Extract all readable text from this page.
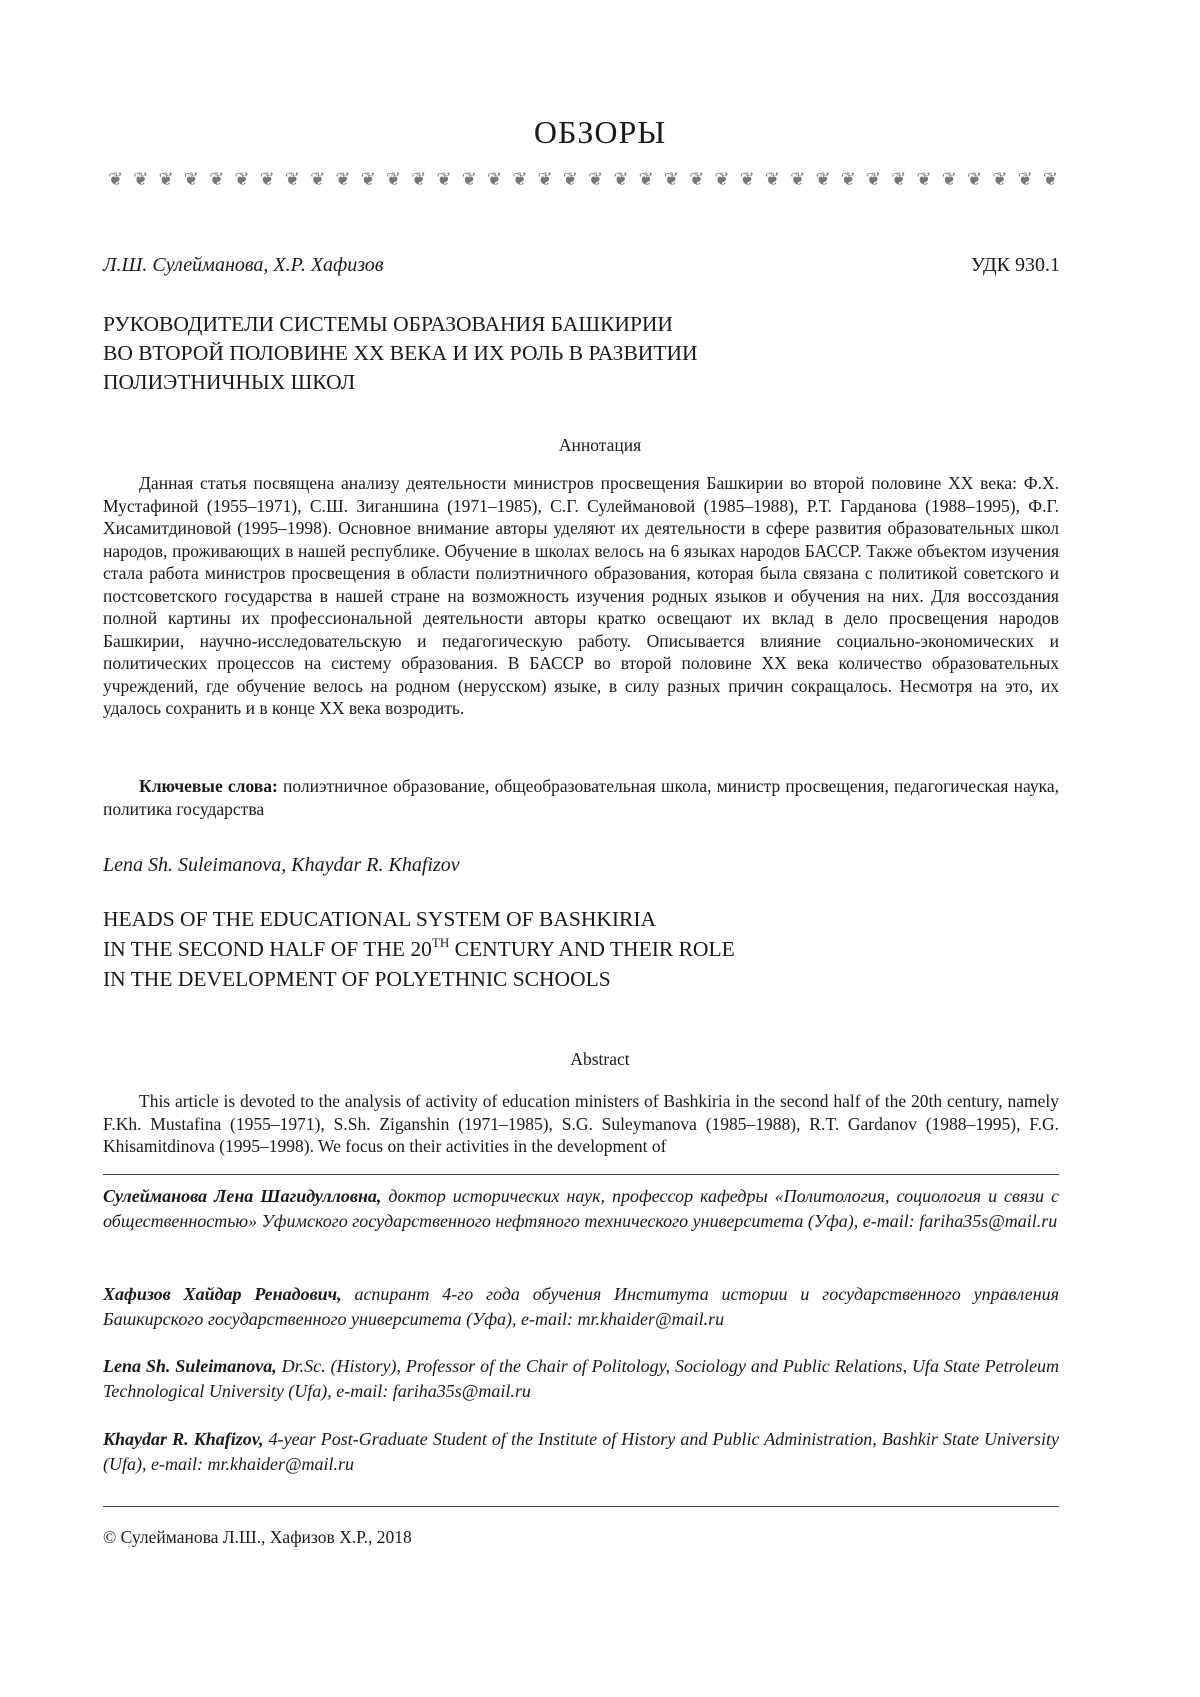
ОБЗОРЫ
❦ ❦ ❦ ❦ ❦ ❦ ❦ ❦ ❦ ❦ ❦ ❦ ❦ ❦ ❦ ❦ ❦ ❦ ❦ ❦ ❦ ❦ ❦ ❦ ❦ ❦ ❦ ❦ ❦ ❦ ❦ ❦ ❦ ❦ ❦ ❦ ❦ ❦
Л.Ш. Сулейманова, Х.Р. Хафизов	УДК 930.1
РУКОВОДИТЕЛИ СИСТЕМЫ ОБРАЗОВАНИЯ БАШКИРИИ
ВО ВТОРОЙ ПОЛОВИНЕ XX ВЕКА И ИХ РОЛЬ В РАЗВИТИИ
ПОЛИЭТНИЧНЫХ ШКОЛ
Аннотация
Данная статья посвящена анализу деятельности министров просвещения Башкирии во второй половине XX века: Ф.Х. Мустафиной (1955–1971), С.Ш. Зиганшина (1971–1985), С.Г. Сулеймановой (1985–1988), Р.Т. Гарданова (1988–1995), Ф.Г. Хисамитдиновой (1995–1998). Основное внимание авторы уделяют их деятельности в сфере развития образовательных школ народов, проживающих в нашей республике. Обучение в школах велось на 6 языках народов БАССР. Также объектом изучения стала работа министров просвещения в области полиэтничного образования, которая была связана с политикой советского и постсоветского государства в нашей стране на возможность изучения родных языков и обучения на них. Для воссоздания полной картины их профессиональной деятельности авторы кратко освещают их вклад в дело просвещения народов Башкирии, научно-исследовательскую и педагогическую работу. Описывается влияние социально-экономических и политических процессов на систему образования. В БАССР во второй половине XX века количество образовательных учреждений, где обучение велось на родном (нерусском) языке, в силу разных причин сокращалось. Несмотря на это, их удалось сохранить и в конце XX века возродить.
Ключевые слова: полиэтничное образование, общеобразовательная школа, министр просвещения, педагогическая наука, политика государства
Lena Sh. Suleimanova, Khaydar R. Khafizov
HEADS OF THE EDUCATIONAL SYSTEM OF BASHKIRIA
IN THE SECOND HALF OF THE 20TH CENTURY AND THEIR ROLE
IN THE DEVELOPMENT OF POLYETHNIC SCHOOLS
Abstract
This article is devoted to the analysis of activity of education ministers of Bashkiria in the second half of the 20th century, namely F.Kh. Mustafina (1955–1971), S.Sh. Ziganshin (1971–1985), S.G. Suleymanova (1985–1988), R.T. Gardanov (1988–1995), F.G. Khisamitdinova (1995–1998). We focus on their activities in the development of
Сулейманова Лена Шагидулловна, доктор исторических наук, профессор кафедры «Политология, социология и связи с общественностью» Уфимского государственного нефтяного технического университета (Уфа), e-mail: fariha35s@mail.ru
Хафизов Хайдар Ренадович, аспирант 4-го года обучения Института истории и государственного управления Башкирского государственного университета (Уфа), e-mail: mr.khaider@mail.ru
Lena Sh. Suleimanova, Dr.Sc. (History), Professor of the Chair of Politology, Sociology and Public Relations, Ufa State Petroleum Technological University (Ufa), e-mail: fariha35s@mail.ru
Khaydar R. Khafizov, 4-year Post-Graduate Student of the Institute of History and Public Administration, Bashkir State University (Ufa), e-mail: mr.khaider@mail.ru
© Сулейманова Л.Ш., Хафизов Х.Р., 2018
